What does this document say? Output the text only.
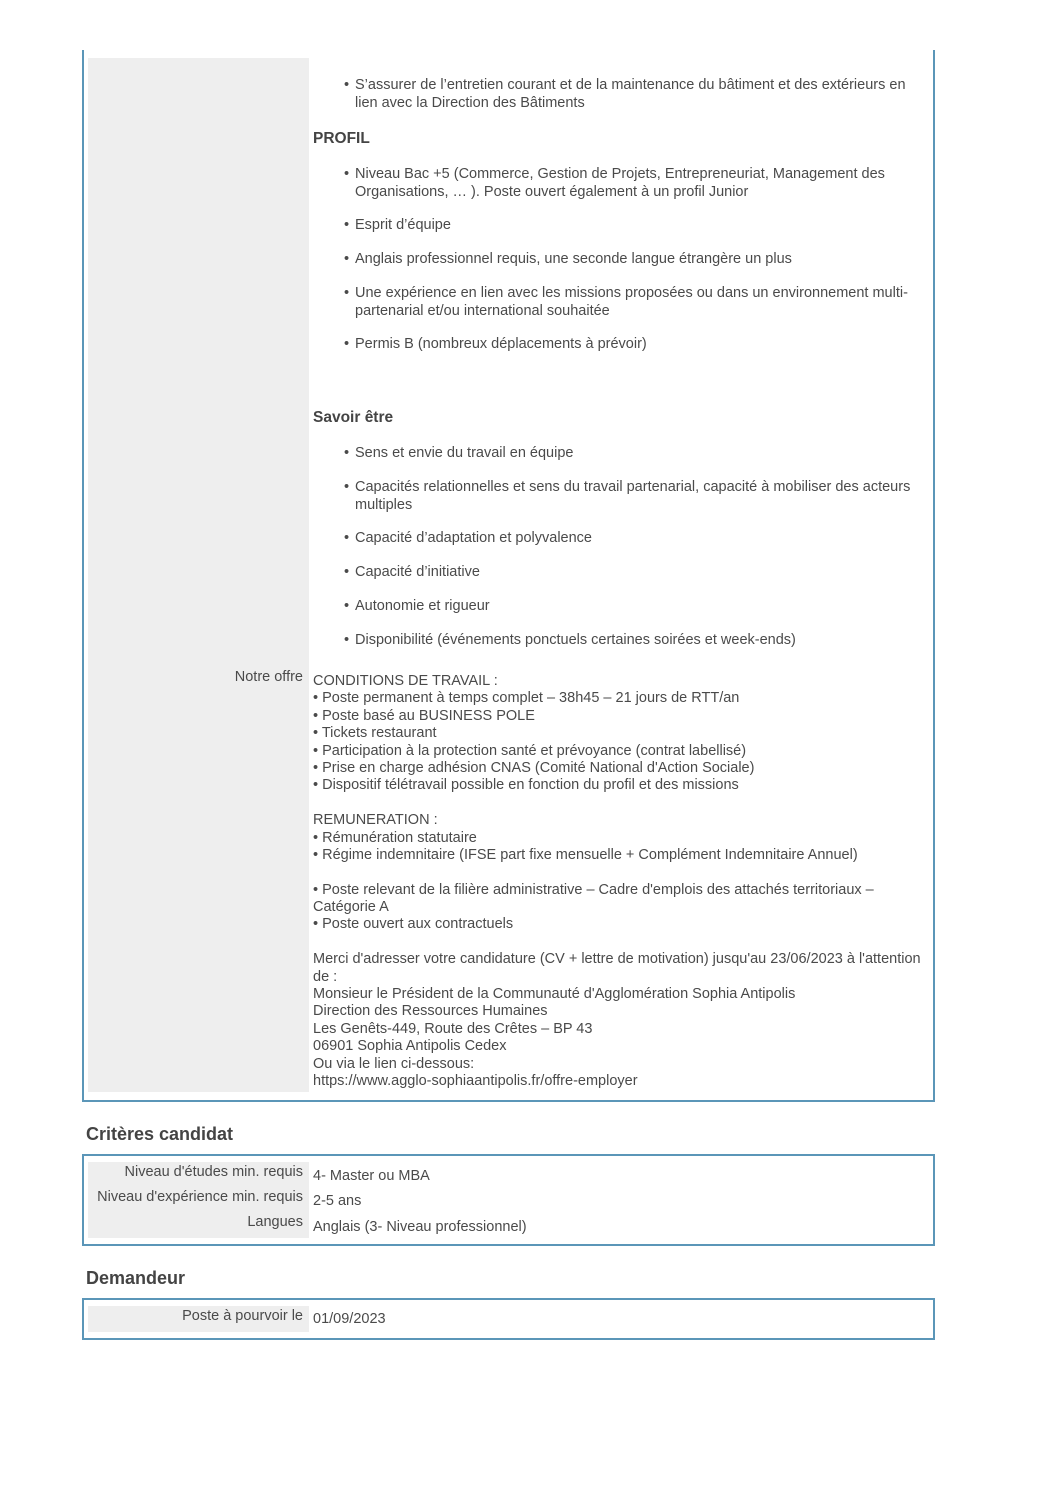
Notre offre
• S’assurer de l’entretien courant et de la maintenance du bâtiment et des extérieurs en lien avec la Direction des Bâtiments
PROFIL
• Niveau Bac +5 (Commerce, Gestion de Projets, Entrepreneuriat, Management des Organisations, … ). Poste ouvert également à un profil Junior
• Esprit d’équipe
• Anglais professionnel requis, une seconde langue étrangère un plus
• Une expérience en lien avec les missions proposées ou dans un environnement multi-partenarial et/ou international souhaitée
• Permis B (nombreux déplacements à prévoir)
Savoir être
• Sens et envie du travail en équipe
• Capacités relationnelles et sens du travail partenarial, capacité à mobiliser des acteurs multiples
• Capacité d’adaptation et polyvalence
• Capacité d’initiative
• Autonomie et rigueur
• Disponibilité (événements ponctuels certaines soirées et week-ends)
CONDITIONS DE TRAVAIL :
• Poste permanent à temps complet – 38h45 – 21 jours de RTT/an
• Poste basé au BUSINESS POLE
• Tickets restaurant
• Participation à la protection santé et prévoyance (contrat labellisé)
• Prise en charge adhésion CNAS (Comité National d'Action Sociale)
• Dispositif télétravail possible en fonction du profil et des missions
REMUNERATION :
• Rémunération statutaire
• Régime indemnitaire (IFSE part fixe mensuelle + Complément Indemnitaire Annuel)
• Poste relevant de la filière administrative – Cadre d'emplois des attachés territoriaux –
Catégorie A
• Poste ouvert aux contractuels
Merci d'adresser votre candidature (CV + lettre de motivation) jusqu'au 23/06/2023 à l'attention
de :
Monsieur le Président de la Communauté d'Agglomération Sophia Antipolis
Direction des Ressources Humaines
Les Genêts-449, Route des Crêtes – BP 43
06901 Sophia Antipolis Cedex
Ou via le lien ci-dessous:
https://www.agglo-sophiaantipolis.fr/offre-employer
Critères candidat
Niveau d'études min. requis
Niveau d'expérience min. requis
Langues
4- Master ou MBA
2-5 ans
Anglais (3- Niveau professionnel)
Demandeur
Poste à pourvoir le 01/09/2023
